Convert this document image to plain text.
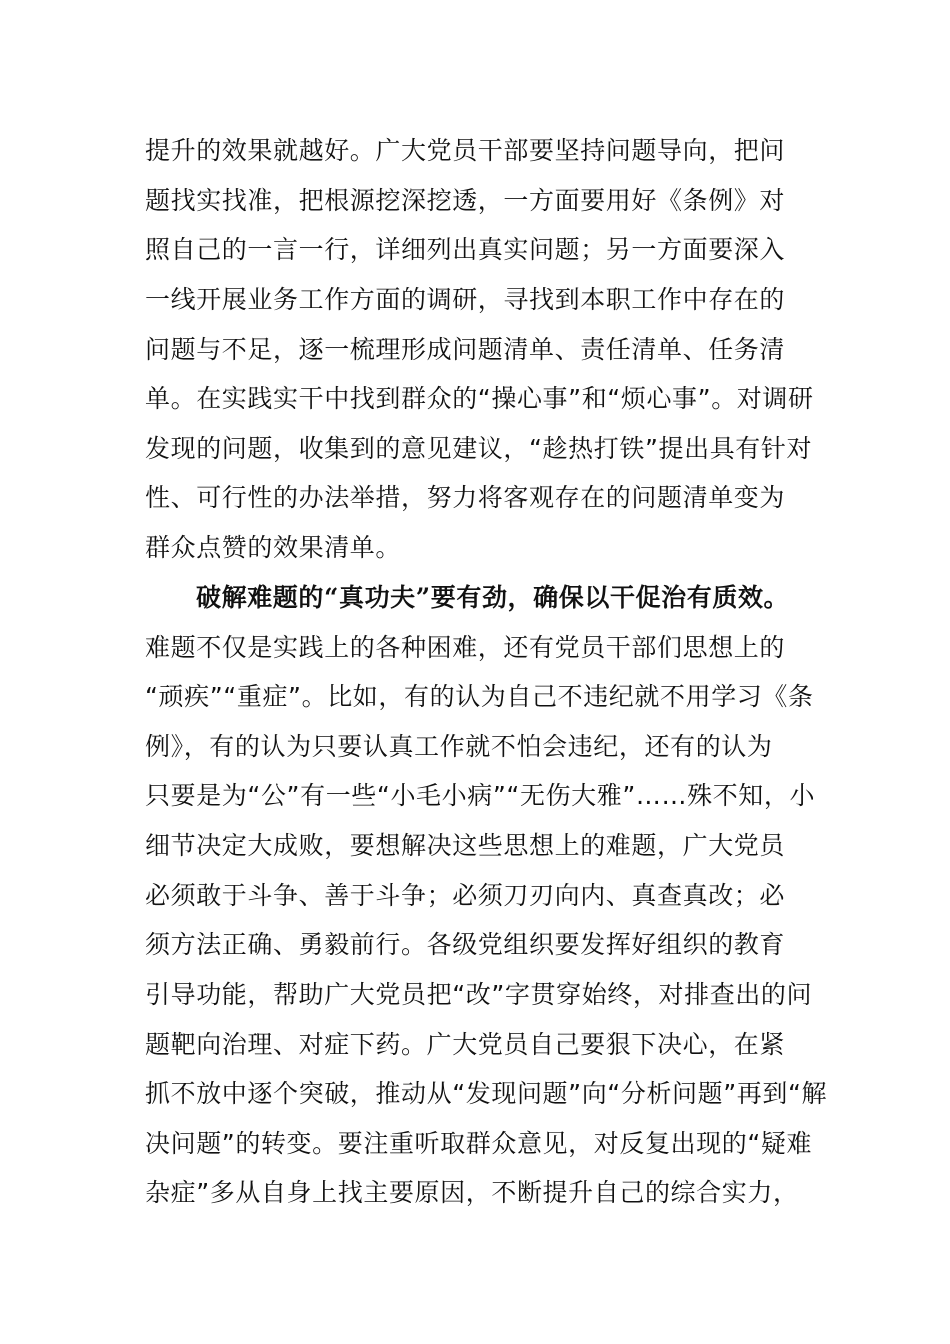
提升的效果就越好。广大党员干部要坚持问题导向，把问
题找实找准，把根源挖深挖透，一方面要用好《条例》对
照自己的一言一行，详细列出真实问题；另一方面要深入
一线开展业务工作方面的调研，寻找到本职工作中存在的
问题与不足，逐一梳理形成问题清单、责任清单、任务清
单。在实践实干中找到群众的“操心事”和“烦心事”。对调研
发现的问题，收集到的意见建议，“趁热打铁”提出具有针对
性、可行性的办法举措，努力将客观存在的问题清单变为
群众点赞的效果清单。
破解难题的“真功夫”要有劲，确保以干促治有质效。
难题不仅是实践上的各种困难，还有党员干部们思想上的
“顽疾”“重症”。比如，有的认为自己不违纪就不用学习《条
例》，有的认为只要认真工作就不怕会违纪，还有的认为
只要是为“公”有一些“小毛小病”“无伤大雅”……殊不知，小
细节决定大成败，要想解决这些思想上的难题，广大党员
必须敢于斗争、善于斗争；必须刀刃向内、真查真改；必
须方法正确、勇毅前行。各级党组织要发挥好组织的教育
引导功能，帮助广大党员把“改”字贯穿始终，对排查出的问
题靶向治理、对症下药。广大党员自己要狠下决心，在紧
抓不放中逐个突破，推动从“发现问题”向“分析问题”再到“解
决问题”的转变。要注重听取群众意见，对反复出现的“疑难
杂症”多从自身上找主要原因，不断提升自己的综合实力，
